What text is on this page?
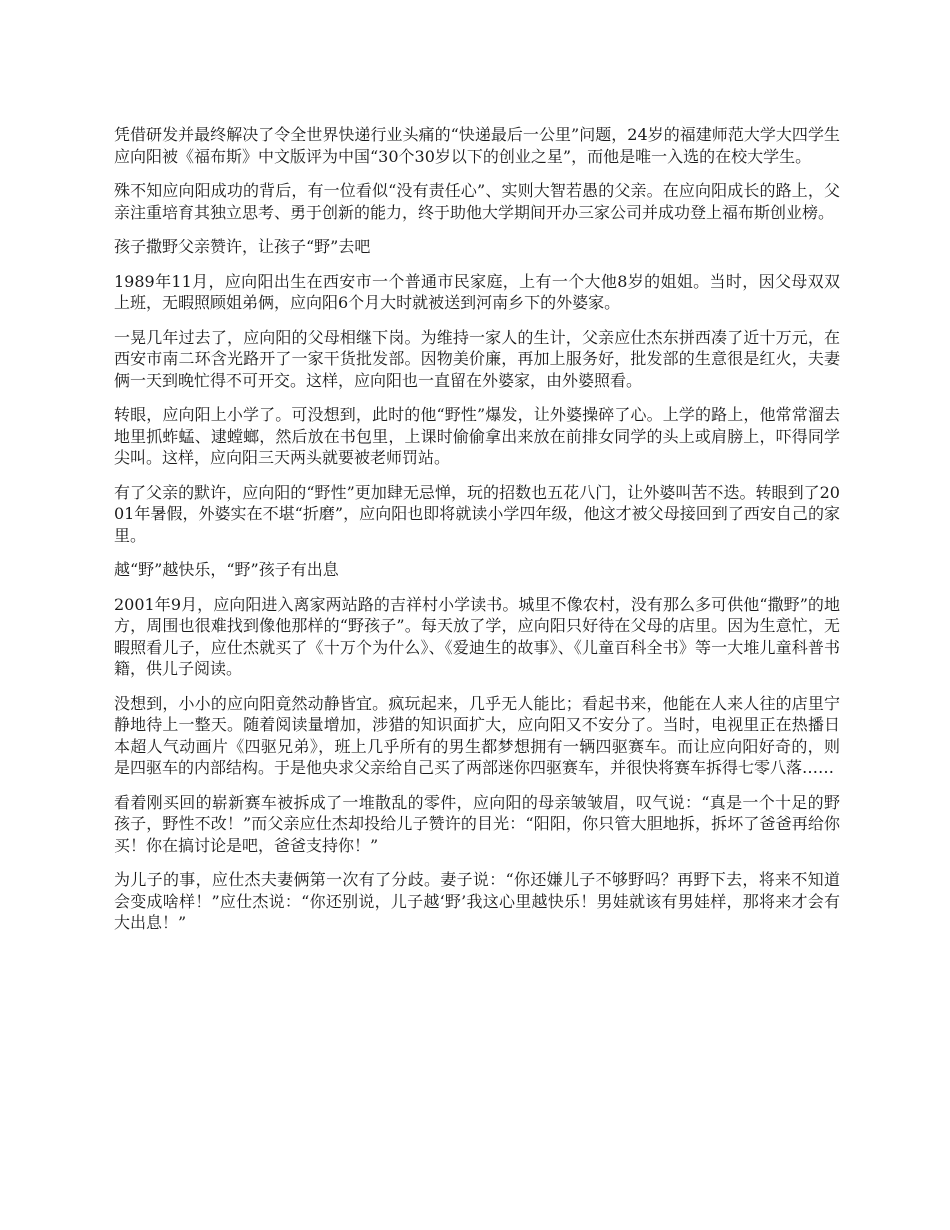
凭借研发并最终解决了令全世界快递行业头痛的“快递最后一公里”问题，24岁的福建师范大学大四学生应向阳被《福布斯》中文版评为中国“30个30岁以下的创业之星”，而他是唯一入选的在校大学生。

殊不知应向阳成功的背后，有一位看似“没有责任心”、实则大智若愚的父亲。在应向阳成长的路上，父亲注重培育其独立思考、勇于创新的能力，终于助他大学期间开办三家公司并成功登上福布斯创业榜。

孩子撒野父亲赞许，让孩子“野”去吧

1989年11月，应向阳出生在西安市一个普通市民家庭，上有一个大他8岁的姐姐。当时，因父母双双上班，无暇照顾姐弟俩，应向阳6个月大时就被送到河南乡下的外婆家。

一晃几年过去了，应向阳的父母相继下岗。为维持一家人的生计，父亲应仕杰东拼西凑了近十万元，在西安市南二环含光路开了一家干货批发部。因物美价廉，再加上服务好，批发部的生意很是红火，夫妻俩一天到晚忙得不可开交。这样，应向阳也一直留在外婆家，由外婆照看。

转眼，应向阳上小学了。可没想到，此时的他“野性”爆发，让外婆操碎了心。上学的路上，他常常溜去地里抓蚱蜢、逮螳螂，然后放在书包里，上课时偷偷拿出来放在前排女同学的头上或肩膀上，吓得同学尖叫。这样，应向阳三天两头就要被老师罚站。

有了父亲的默许，应向阳的“野性”更加肆无忌惮，玩的招数也五花八门，让外婆叫苦不迭。转眼到了2001年暑假，外婆实在不堪“折磨”，应向阳也即将就读小学四年级，他这才被父母接回到了西安自己的家里。

越“野”越快乐，“野”孩子有出息

2001年9月，应向阳进入离家两站路的吉祥村小学读书。城里不像农村，没有那么多可供他“撒野”的地方，周围也很难找到像他那样的“野孩子”。每天放了学，应向阳只好待在父母的店里。因为生意忙，无暇照看儿子，应仕杰就买了《十万个为什么》、《爱迪生的故事》、《儿童百科全书》等一大堆儿童科普书籍，供儿子阅读。

没想到，小小的应向阳竟然动静皆宜。疯玩起来，几乎无人能比；看起书来，他能在人来人往的店里宁静地待上一整天。随着阅读量增加，涉猎的知识面扩大，应向阳又不安分了。当时，电视里正在热播日本超人气动画片《四驱兄弟》，班上几乎所有的男生都梦想拥有一辆四驱赛车。而让应向阳好奇的，则是四驱车的内部结构。于是他央求父亲给自己买了两部迷你四驱赛车，并很快将赛车拆得七零八落……

看着刚买回的崭新赛车被拆成了一堆散乱的零件，应向阳的母亲皱皱眉，叹气说：“真是一个十足的野孩子，野性不改！”而父亲应仕杰却投给儿子赞许的目光：“阳阳，你只管大胆地拆，拆坏了爸爸再给你买！你在搞讨论是吧，爸爸支持你！”

为儿子的事，应仕杰夫妻俩第一次有了分歧。妻子说：“你还嫌儿子不够野吗？再野下去，将来不知道会变成啥样！”应仕杰说：“你还别说，儿子越‘野’我这心里越快乐！男娃就该有男娃样，那将来才会有大出息！”
